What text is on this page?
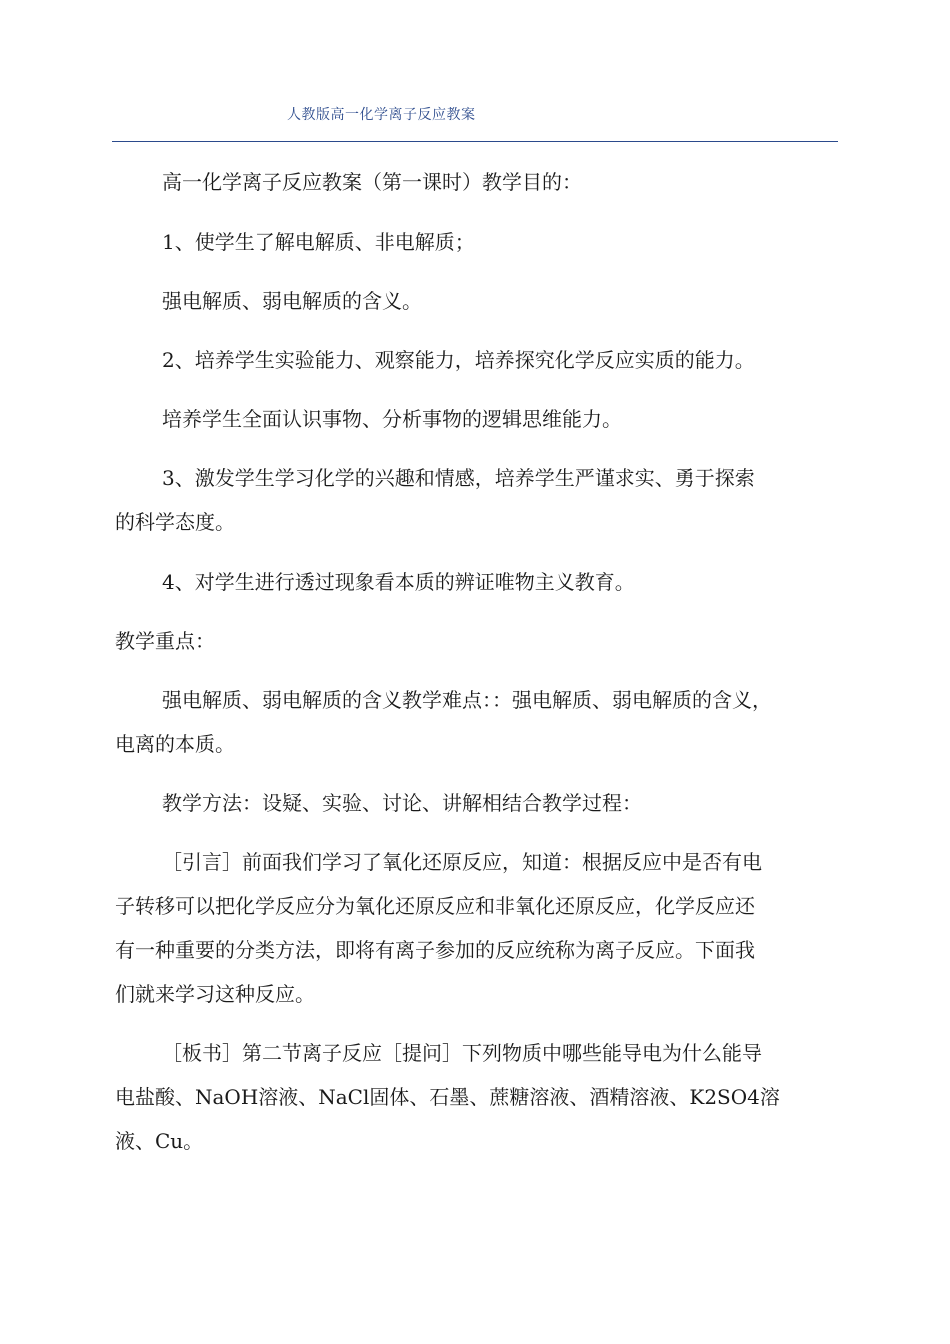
人教版高一化学离子反应教案
高一化学离子反应教案（第一课时）教学目的：
1、使学生了解电解质、非电解质；
强电解质、弱电解质的含义。
2、培养学生实验能力、观察能力，培养探究化学反应实质的能力。
培养学生全面认识事物、分析事物的逻辑思维能力。
3、激发学生学习化学的兴趣和情感，培养学生严谨求实、勇于探索
的科学态度。
4、对学生进行透过现象看本质的辨证唯物主义教育。
教学重点：
强电解质、弱电解质的含义教学难点：：强电解质、弱电解质的含义，
电离的本质。
教学方法：设疑、实验、讨论、讲解相结合教学过程：
［引言］前面我们学习了氧化还原反应，知道：根据反应中是否有电
子转移可以把化学反应分为氧化还原反应和非氧化还原反应，化学反应还
有一种重要的分类方法，即将有离子参加的反应统称为离子反应。下面我
们就来学习这种反应。
［板书］第二节离子反应［提问］下列物质中哪些能导电为什么能导
电盐酸、NaOH溶液、NaCl固体、石墨、蔗糖溶液、酒精溶液、K2SO4溶
液、Cu。
